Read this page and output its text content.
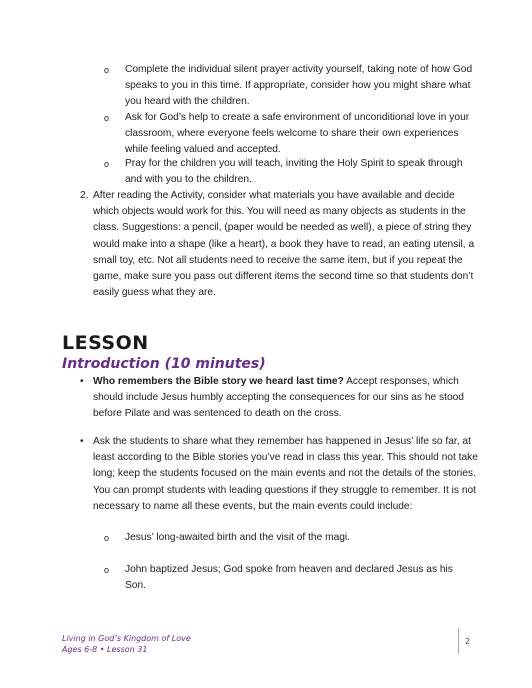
o Complete the individual silent prayer activity yourself, taking note of how God speaks to you in this time. If appropriate, consider how you might share what you heard with the children.
o Ask for God’s help to create a safe environment of unconditional love in your classroom, where everyone feels welcome to share their own experiences while feeling valued and accepted.
o Pray for the children you will teach, inviting the Holy Spirit to speak through and with you to the children.
2. After reading the Activity, consider what materials you have available and decide which objects would work for this. You will need as many objects as students in the class. Suggestions: a pencil, (paper would be needed as well), a piece of string they would make into a shape (like a heart), a book they have to read, an eating utensil, a small toy, etc. Not all students need to receive the same item, but if you repeat the game, make sure you pass out different items the second time so that students don’t easily guess what they are.
LESSON
Introduction (10 minutes)
• Who remembers the Bible story we heard last time? Accept responses, which should include Jesus humbly accepting the consequences for our sins as he stood before Pilate and was sentenced to death on the cross.
• Ask the students to share what they remember has happened in Jesus’ life so far, at least according to the Bible stories you’ve read in class this year. This should not take long; keep the students focused on the main events and not the details of the stories. You can prompt students with leading questions if they struggle to remember. It is not necessary to name all these events, but the main events could include:
o Jesus’ long-awaited birth and the visit of the magi.
o John baptized Jesus; God spoke from heaven and declared Jesus as his Son.
Living in God’s Kingdom of Love
Ages 6-8 • Lesson 31
2
